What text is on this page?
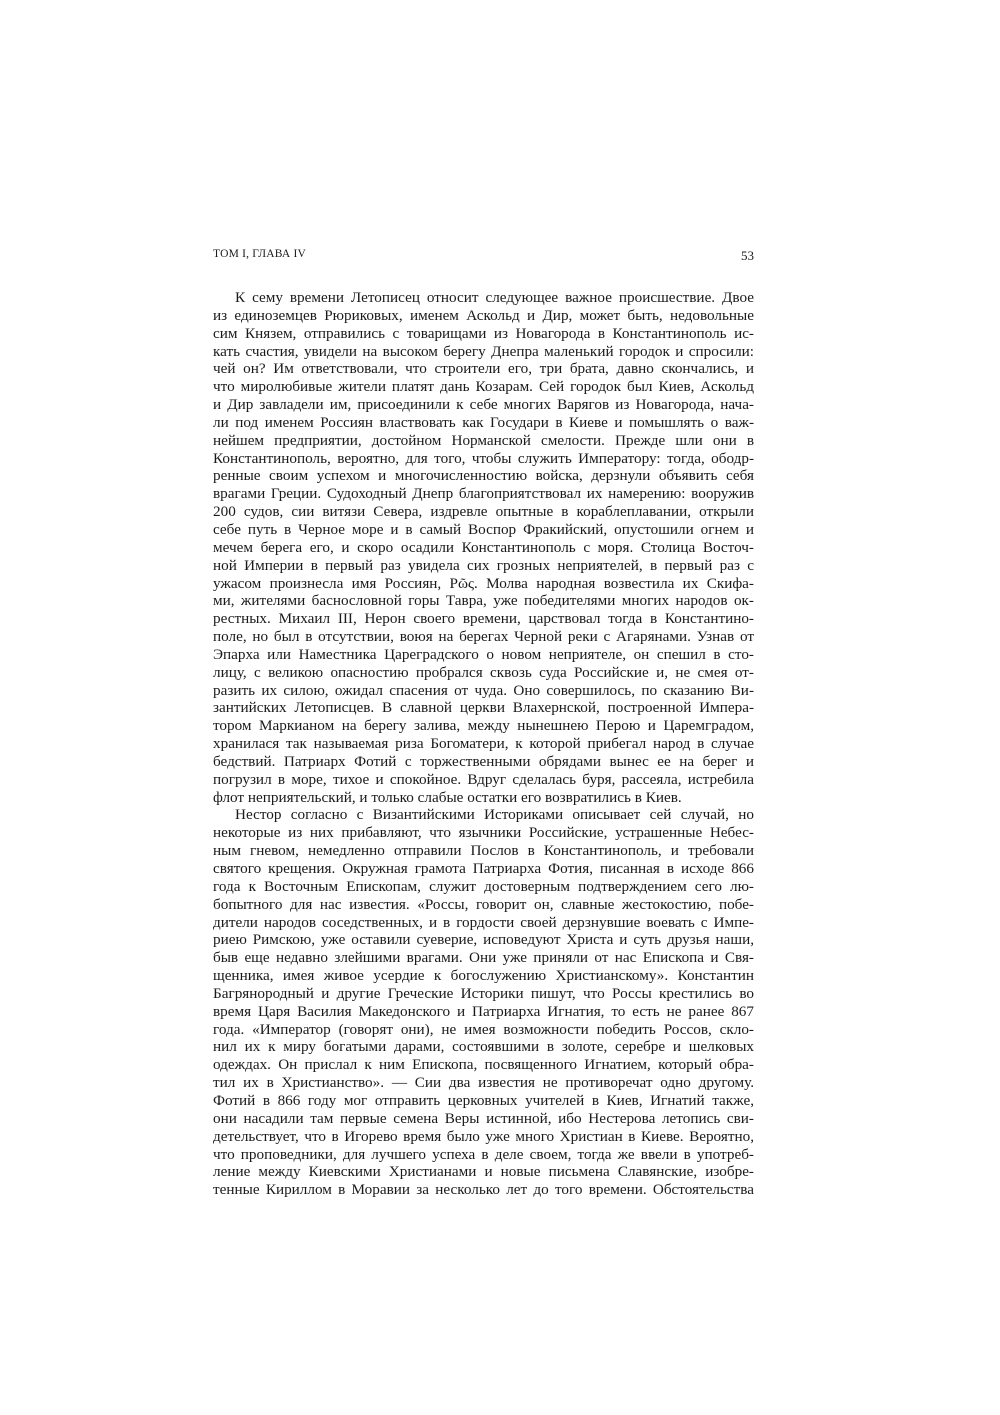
ТОМ I, ГЛАВА IV	53
К сему времени Летописец относит следующее важное происшествие. Двое
из единоземцев Рюриковых, именем Аскольд и Дир, может быть, недовольные
сим Князем, отправились с товарищами из Новагорода в Константинополь ис-
кать счастия, увидели на высоком берегу Днепра маленький городок и спросили:
чей он? Им ответствовали, что строители его, три брата, давно скончались, и
что миролюбивые жители платят дань Козарам. Сей городок был Киев, Аскольд
и Дир завладели им, присоединили к себе многих Варягов из Новагорода, нача-
ли под именем Россиян властвовать как Государи в Киеве и помышлять о важ-
нейшем предприятии, достойном Норманской смелости. Прежде шли они в
Константинополь, вероятно, для того, чтобы служить Императору: тогда, ободр-
ренные своим успехом и многочисленностию войска, дерзнули объявить себя
врагами Греции. Судоходный Днепр благоприятствовал их намерению: вооружив
200 судов, сии витязи Севера, издревле опытные в кораблеплавании, открыли
себе путь в Черное море и в самый Воспор Фракийский, опустошили огнем и
мечем берега его, и скоро осадили Константинополь с моря. Столица Восточ-
ной Империи в первый раз увидела сих грозных неприятелей, в первый раз с
ужасом произнесла имя Россиян, Ρῶς. Молва народная возвестила их Скифа-
ми, жителями баснословной горы Тавра, уже победителями многих народов ок-
рестных. Михаил III, Нерон своего времени, царствовал тогда в Константино-
поле, но был в отсутствии, воюя на берегах Черной реки с Агарянами. Узнав от
Эпарха или Наместника Цареградского о новом неприятеле, он спешил в сто-
лицу, с великою опасностию пробрался сквозь суда Российские и, не смея от-
разить их силою, ожидал спасения от чуда. Оно совершилось, по сказанию Ви-
зантийских Летописцев. В славной церкви Влахернской, построенной Импера-
тором Маркианом на берегу залива, между нынешнею Перою и Царемградом,
хранилася так называемая риза Богоматери, к которой прибегал народ в случае
бедствий. Патриарх Фотий с торжественными обрядами вынес ее на берег и
погрузил в море, тихое и спокойное. Вдруг сделалась буря, рассеяла, истребила
флот неприятельский, и только слабые остатки его возвратились в Киев.
Нестор согласно с Византийскими Историками описывает сей случай, но
некоторые из них прибавляют, что язычники Российские, устрашенные Небес-
ным гневом, немедленно отправили Послов в Константинополь, и требовали
святого крещения. Окружная грамота Патриарха Фотия, писанная в исходе 866
года к Восточным Епископам, служит достоверным подтверждением сего лю-
бопытного для нас известия. «Россы, говорит он, славные жестокостию, побе-
дители народов соседственных, и в гордости своей дерзнувшие воевать с Импе-
риею Римскою, уже оставили суеверие, исповедуют Христа и суть друзья наши,
быв еще недавно злейшими врагами. Они уже приняли от нас Епископа и Свя-
щенника, имея живое усердие к богослужению Христианскому». Константин
Багрянородный и другие Греческие Историки пишут, что Россы крестились во
время Царя Василия Македонского и Патриарха Игнатия, то есть не ранее 867
года. «Император (говорят они), не имея возможности победить Россов, скло-
нил их к миру богатыми дарами, состоявшими в золоте, серебре и шелковых
одеждах. Он прислал к ним Епископа, посвященного Игнатием, который обра-
тил их в Христианство». — Сии два известия не противоречат одно другому.
Фотий в 866 году мог отправить церковных учителей в Киев, Игнатий также,
они насадили там первые семена Веры истинной, ибо Нестерова летопись сви-
детельствует, что в Игорево время было уже много Христиан в Киеве. Вероятно,
что проповедники, для лучшего успеха в деле своем, тогда же ввели в употреб-
ление между Киевскими Христианами и новые письмена Славянские, изобре-
тенные Кириллом в Моравии за несколько лет до того времени. Обстоятельства
